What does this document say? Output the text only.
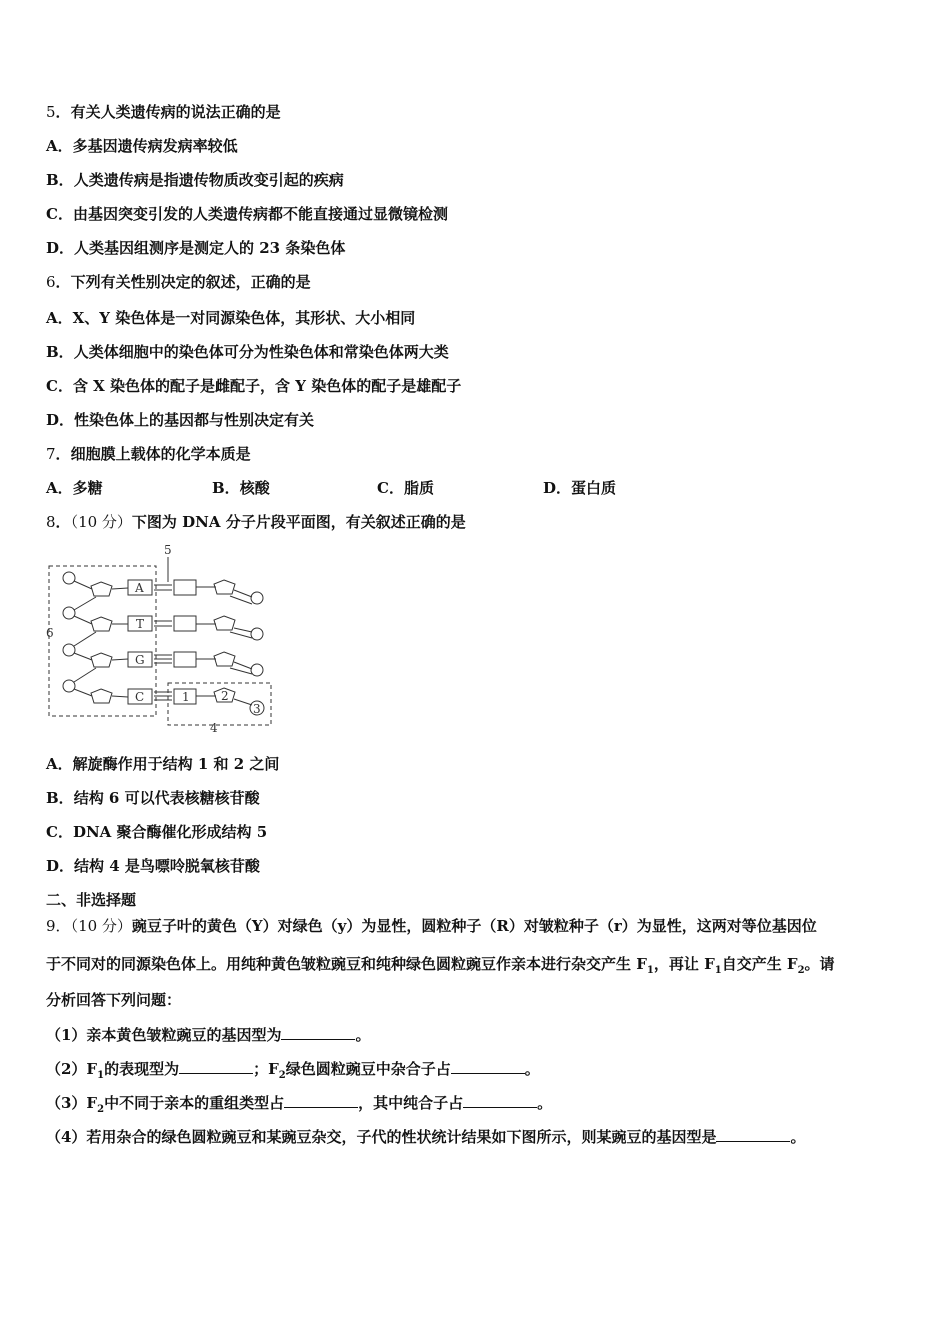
5．有关人类遗传病的说法正确的是
A．多基因遗传病发病率较低
B．人类遗传病是指遗传物质改变引起的疾病
C．由基因突变引发的人类遗传病都不能直接通过显微镜检测
D．人类基因组测序是测定人的 23 条染色体
6．下列有关性别决定的叙述，正确的是
A．X、Y 染色体是一对同源染色体，其形状、大小相同
B．人类体细胞中的染色体可分为性染色体和常染色体两大类
C．含 X 染色体的配子是雌配子，含 Y 染色体的配子是雄配子
D．性染色体上的基因都与性别决定有关
7．细胞膜上载体的化学本质是
A．多糖	B．核酸	C．脂质	D．蛋白质
8．（10 分）下图为 DNA 分子片段平面图，有关叙述正确的是
6
5
4
A
T
G
C	1	2
3
A．解旋酶作用于结构 1 和 2 之间
B．结构 6 可以代表核糖核苷酸
C．DNA 聚合酶催化形成结构 5
D．结构 4 是鸟嘌呤脱氧核苷酸
二、非选择题
9．（10 分）豌豆子叶的黄色（Y）对绿色（y）为显性，圆粒种子（R）对皱粒种子（r）为显性，这两对等位基因位
于不同对的同源染色体上。用纯种黄色皱粒豌豆和纯种绿色圆粒豌豆作亲本进行杂交产生 $F_1$，再让 $F_1$自交产生 $F_2$。请
分析回答下列问题：
（1）亲本黄色皱粒豌豆的基因型为	。
$(2)F_1$的表现型为	；$F_2$绿色圆粒豌豆中杂合子占	。
$(3)F_2$中不同于亲本的重组类型占	，其中纯合子占	。
（4）若用杂合的绿色圆粒豌豆和某豌豆杂交，子代的性状统计结果如下图所示，则某豌豆的基因型是	。
